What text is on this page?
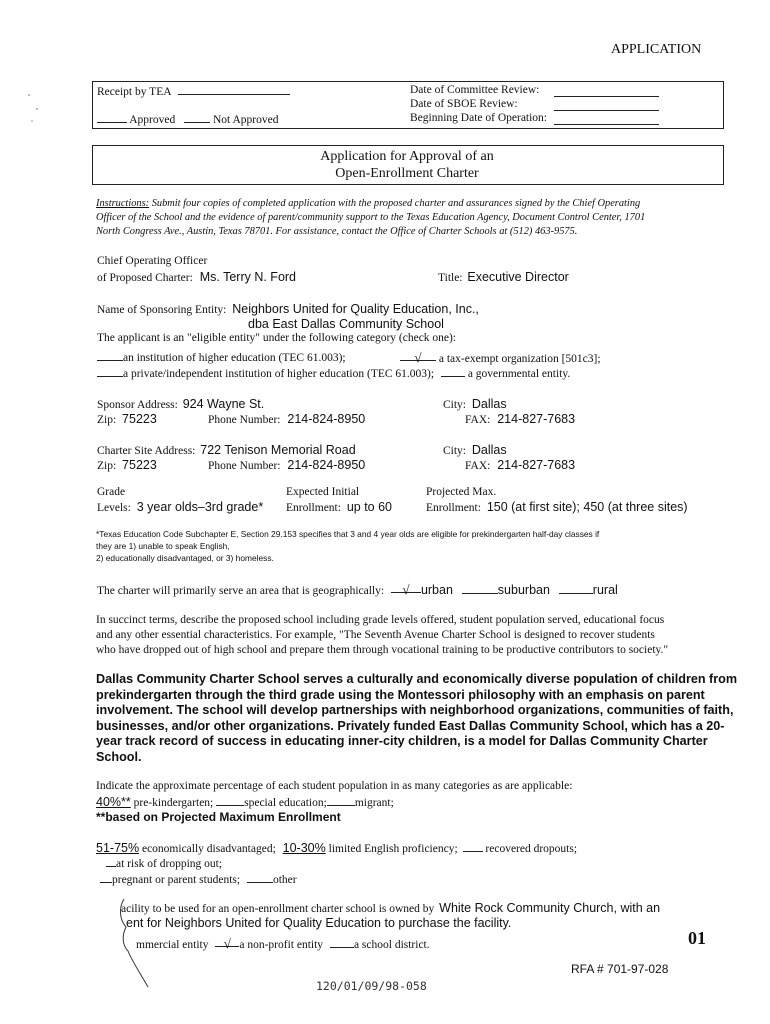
APPLICATION
Receipt by TEA
Approved	Not Approved
Date of Committee Review:
Date of SBOE Review:
Beginning Date of Operation:
Application for Approval of an
Open-Enrollment Charter
Instructions: Submit four copies of completed application with the proposed charter and assurances signed by the Chief Operating
Officer of the School and the evidence of parent/community support to the Texas Education Agency, Document Control Center, 1701
North Congress Ave., Austin, Texas 78701. For assistance, contact the Office of Charter Schools at (512) 463-9575.
Chief Operating Officer
of Proposed Charter: Ms. Terry N. Ford	Title: Executive Director
Name of Sponsoring Entity: Neighbors United for Quality Education, Inc.,
dba East Dallas Community School
The applicant is an "eligible entity" under the following category (check one):
an institution of higher education (TEC 61.003);	√ a tax-exempt organization [501c3];
a private/independent institution of higher education (TEC 61.003);	a governmental entity.
Sponsor Address: 924 Wayne St.	City: Dallas
Zip: 75223	Phone Number: 214-824-8950	FAX: 214-827-7683
Charter Site Address: 722 Tenison Memorial Road	City: Dallas
Zip: 75223	Phone Number: 214-824-8950	FAX: 214-827-7683
Grade
Levels: 3 year olds–3rd grade*
Expected Initial
Enrollment: up to 60
Projected Max.
Enrollment: 150 (at first site); 450 (at three sites)
*Texas Education Code Subchapter E, Section 29.153 specifies that 3 and 4 year olds are eligible for prekindergarten half-day classes if
they are 1) unable to speak English,
2) educationally disadvantaged, or 3) homeless.
The charter will primarily serve an area that is geographically: √ urban	suburban	rural
In succinct terms, describe the proposed school including grade levels offered, student population served, educational focus
and any other essential characteristics. For example, "The Seventh Avenue Charter School is designed to recover students
who have dropped out of high school and prepare them through vocational training to be productive contributors to society."
Dallas Community Charter School serves a culturally and economically diverse population of children from
prekindergarten through the third grade using the Montessori philosophy with an emphasis on parent
involvement. The school will develop partnerships with neighborhood organizations, communities of faith,
businesses, and/or other organizations. Privately funded East Dallas Community School, which has a 20-
year track record of success in educating inner-city children, is a model for Dallas Community Charter
School.
Indicate the approximate percentage of each student population in as many categories as are applicable:
40%** pre-kindergarten;	special education; migrant;
**based on Projected Maximum Enrollment
51-75% economically disadvantaged; 10-30% limited English proficiency; recovered dropouts;
at risk of dropping out;
pregnant or parent students;	other
acility to be used for an open-enrollment charter school is owned by White Rock Community Church, with an
ent for Neighbors United for Quality Education to purchase the facility.
mmercial entity √ a non-profit entity	a school district.	01
RFA # 701-97-028
120/01/09/98-058
